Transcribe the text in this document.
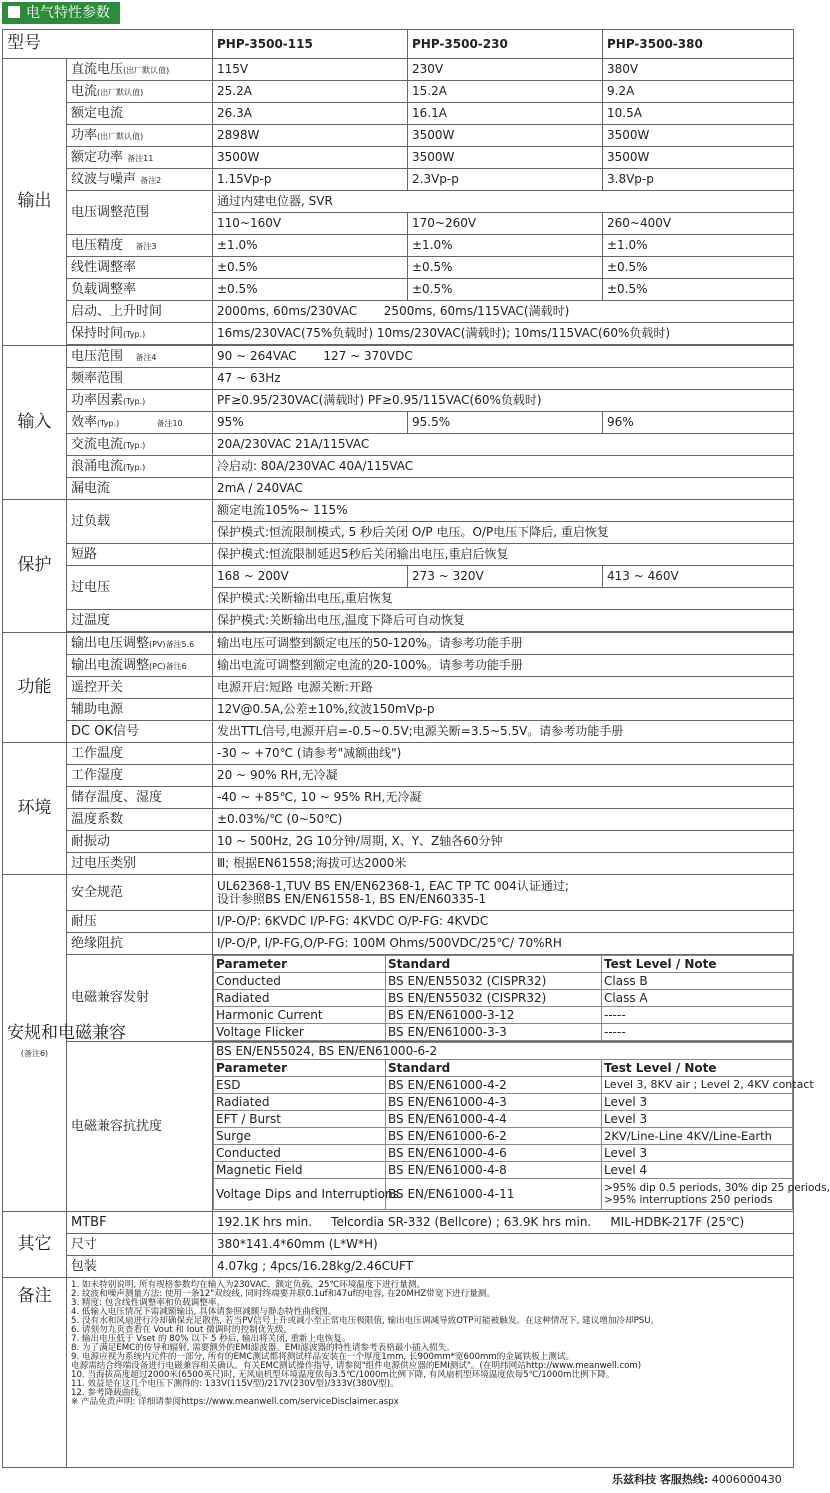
电气特性参数
型号	PHP-3500-115	PHP-3500-230	PHP-3500-380
输出	直流电压(出厂默认值)	115V	230V	380V
电流(出厂默认值)	25.2A	15.2A	9.2A
额定电流	26.3A	16.1A	10.5A
功率(出厂默认值)	2898W	3500W	3500W
额定功率 备注11	3500W	3500W	3500W
纹波与噪声 备注2	1.15Vp-p	2.3Vp-p	3.8Vp-p
电压调整范围	通过内建电位器, SVR
110~160V	170~260V	260~400V
电压精度 备注3	±1.0%	±1.0%	±1.0%
线性调整率	±0.5%	±0.5%	±0.5%
负载调整率	±0.5%	±0.5%	±0.5%
启动、上升时间	2000ms, 60ms/230VAC 2500ms, 60ms/115VAC(满载时)
保持时间(Typ.)	16ms/230VAC(75%负载时) 10ms/230VAC(满载时); 10ms/115VAC(60%负载时)

输入	电压范围 备注4	90 ~ 264VAC 127 ~ 370VDC
频率范围	47 ~ 63Hz
功率因素(Typ.)	PF≥0.95/230VAC(满载时) PF≥0.95/115VAC(60%负载时)
效率(Typ.)	备注10	95%	95.5%	96%
交流电流(Typ.)	20A/230VAC 21A/115VAC
浪涌电流(Typ.)	冷启动: 80A/230VAC 40A/115VAC
漏电流	2mA / 240VAC
保护	过负载	额定电流105%~ 115%
保护模式:恒流限制模式, 5 秒后关闭 O/P 电压。O/P电压下降后, 重启恢复
短路	保护模式:恒流限制延迟5秒后关闭输出电压,重启后恢复
过电压	168 ~ 200V	273 ~ 320V	413 ~ 460V
保护模式:关断输出电压,重启恢复
过温度	保护模式:关断输出电压,温度下降后可自动恢复

功能	输出电压调整(PV)备注5.6	输出电压可调整到额定电压的50-120%。请参考功能手册
输出电流调整(PC)备注6	输出电流可调整到额定电流的20-100%。请参考功能手册
遥控开关	电源开启:短路 电源关断:开路
辅助电源	12V@0.5A,公差±10%,纹波150mVp-p
DC OK信号	发出TTL信号,电源开启=-0.5~0.5V;电源关断=3.5~5.5V。请参考功能手册
环境	工作温度	-30 ~ +70℃ (请参考"减额曲线")
工作湿度	20 ~ 90% RH,无冷凝
储存温度、湿度	-40 ~ +85℃, 10 ~ 95% RH,无冷凝
温度系数	±0.03%/℃ (0~50℃)
耐振动	10 ~ 500Hz, 2G 10分钟/周期, X、Y、Z轴各60分钟
过电压类别	Ⅲ; 根据EN61558;海拔可达2000米
安规和电磁兼容
(备注6)	安全规范	UL62368-1,TUV BS EN/EN62368-1, EAC TP TC 004认证通过;
设计参照BS EN/EN61558-1, BS EN/EN60335-1
耐压	I/P-O/P: 6KVDC I/P-FG: 4KVDC O/P-FG: 4KVDC
绝缘阻抗	I/P-O/P, I/P-FG,O/P-FG: 100M Ohms/500VDC/25℃/ 70%RH
电磁兼容发射	
Parameter	Standard	Test Level / Note
Conducted	BS EN/EN55032 (CISPR32)	Class B
Radiated	BS EN/EN55032 (CISPR32)	Class A
Harmonic Current	BS EN/EN61000-3-12	-----
Voltage Flicker	BS EN/EN61000-3-3	-----

电磁兼容抗扰度	
BS EN/EN55024, BS EN/EN61000-6-2
Parameter	Standard	Test Level / Note
ESD	BS EN/EN61000-4-2	Level 3, 8KV air ; Level 2, 4KV contact
Radiated	BS EN/EN61000-4-3	Level 3
EFT / Burst	BS EN/EN61000-4-4	Level 3
Surge	BS EN/EN61000-6-2	2KV/Line-Line 4KV/Line-Earth
Conducted	BS EN/EN61000-4-6	Level 3
Magnetic Field	BS EN/EN61000-4-8	Level 4
Voltage Dips and Interruptions	BS EN/EN61000-4-11	>95% dip 0.5 periods, 30% dip 25 periods,
>95% interruptions 250 periods

其它	MTBF	192.1K hrs min. Telcordia SR-332 (Bellcore) ; 63.9K hrs min. MIL-HDBK-217F (25℃)
尺寸	380*141.4*60mm (L*W*H)
包装	4.07kg ; 4pcs/16.28kg/2.46CUFT
备注	
1. 如未特别说明, 所有规格参数均在输入为230VAC、额定负载、25℃环境温度下进行量测。
2. 纹波和噪声测量方法: 使用一条12"双绞线, 同时终端要并联0.1uf和47uf的电容, 在20MHZ带宽下进行量测。
3. 精度: 包含线性调整率和负载调整率。
4. 低输入电压情况下需减额输出, 具体请参照减额与静态特性曲线图。
5. 没有水和风扇进行冷却确保充足散热, 若当PV信号上升或减小至正常电压极限值, 输出电压调减导致OTP可能被触发。在这种情况下, 建议增加冷却PSU。
6. 请刻勿九页查看在 Vout 和 Iout 微调时的控制优先级。
7. 输出电压低于 Vset 的 80% 以下 5 秒后, 输出将关闭, 重新上电恢复。
8. 为了满足EMC的传导和辐射, 需要额外的EMI滤波器。EMI滤波器的特性请参考表格最小插入损失。
9. 电源应视为系统内元件的一部分, 所有的EMC测试都将测试样品安装在一个厚度1mm, 长900mm*宽600mm的金属铁板上测试。
电源需结合终端设备进行电磁兼容相关确认。有关EMC测试操作指导, 请参阅"组件电源供应器的EMI测试"。(在明纬网站http://www.meanwell.com)
10. 当海拔高度超过2000米(6500英尺)时, 无风扇机型环境温度依每3.5℃/1000m比例下降, 有风扇机型环境温度依每5℃/1000m比例下降。
11. 效益是在这几个电压下测得的: 133V(115V型)/217V(230V型)/333V(380V型)。
12. 参考降载曲线。
※ 产品免责声明: 详细请参阅https://www.meanwell.com/serviceDisclaimer.aspx
乐兹科技 客服热线: 4006000430
